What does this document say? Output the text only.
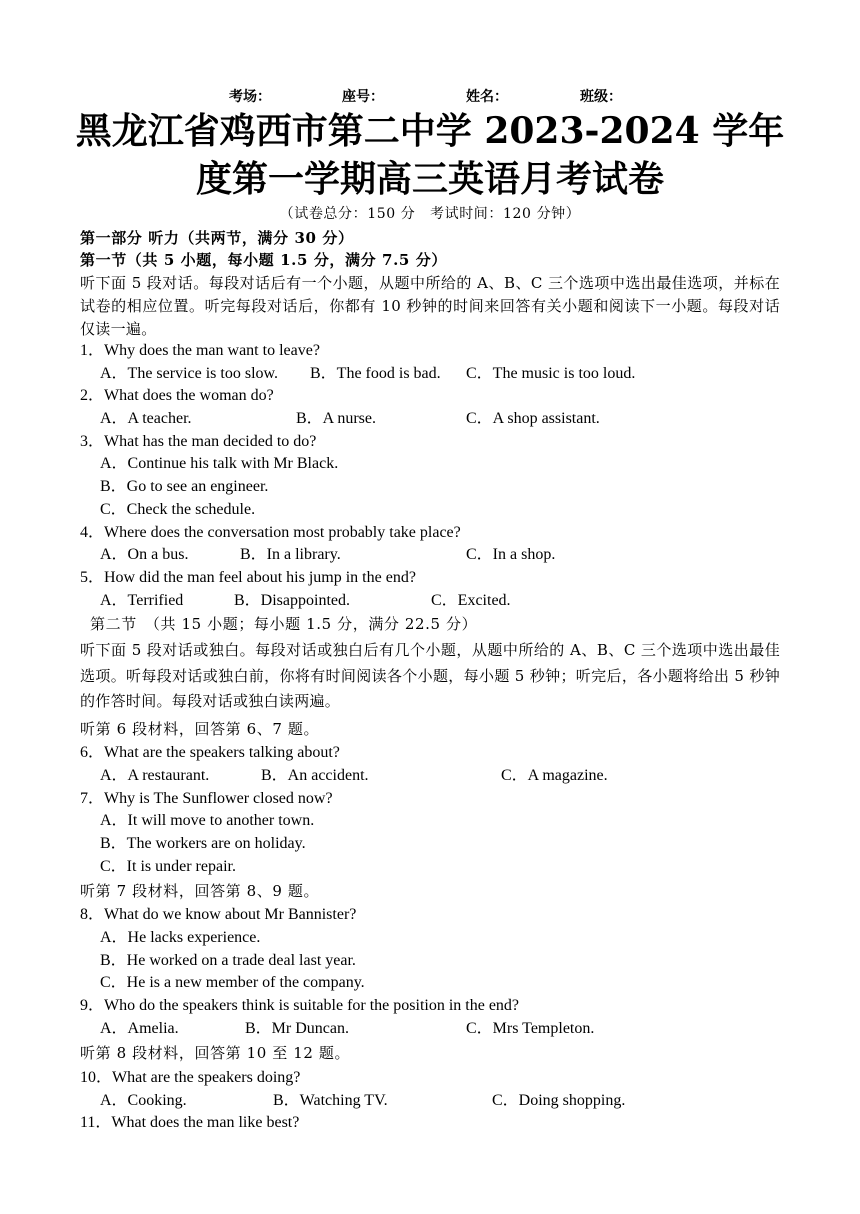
考场：	座号：	姓名：	班级：
黑龙江省鸡西市第二中学 2023-2024 学年
度第一学期高三英语月考试卷
（试卷总分：150 分　考试时间：120 分钟）
第一部分 听力（共两节，满分 30 分）
第一节（共 5 小题，每小题 1.5 分，满分 7.5 分）
听下面 5 段对话。每段对话后有一个小题，从题中所给的 A、B、C 三个选项中选出最佳选项，并标在试卷的相应位置。听完每段对话后，你都有 10 秒钟的时间来回答有关小题和阅读下一小题。每段对话仅读一遍。
1．Why does the man want to leave?
A．The service is too slow. B．The food is bad. C．The music is too loud.
2．What does the woman do?
A．A teacher.	B．A nurse.	C．A shop assistant.
3．What has the man decided to do?
A．Continue his talk with Mr Black.
B．Go to see an engineer.
C．Check the schedule.
4．Where does the conversation most probably take place?
A．On a bus.	B．In a library.	C．In a shop.
5．How did the man feel about his jump in the end?
A．Terrified	B．Disappointed.	C．Excited.
第二节　（共 15 小题；每小题 1.5 分，满分 22.5 分）
听下面 5 段对话或独白。每段对话或独白后有几个小题，从题中所给的 A、B、C 三个选项中选出最佳选项。听每段对话或独白前，你将有时间阅读各个小题，每小题 5 秒钟；听完后，各小题将给出 5 秒钟的作答时间。每段对话或独白读两遍。
听第 6 段材料，回答第 6、7 题。
6．What are the speakers talking about?
A．A restaurant.	B．An accident.	C．A magazine.
7．Why is The Sunflower closed now?
A．It will move to another town.
B．The workers are on holiday.
C．It is under repair.
听第 7 段材料，回答第 8、9 题。
8．What do we know about Mr Bannister?
A．He lacks experience.
B．He worked on a trade deal last year.
C．He is a new member of the company.
9．Who do the speakers think is suitable for the position in the end?
A．Amelia.	B．Mr Duncan.	C．Mrs Templeton.
听第 8 段材料，回答第 10 至 12 题。
10．What are the speakers doing?
A．Cooking.	B．Watching TV.	C．Doing shopping.
11．What does the man like best?
